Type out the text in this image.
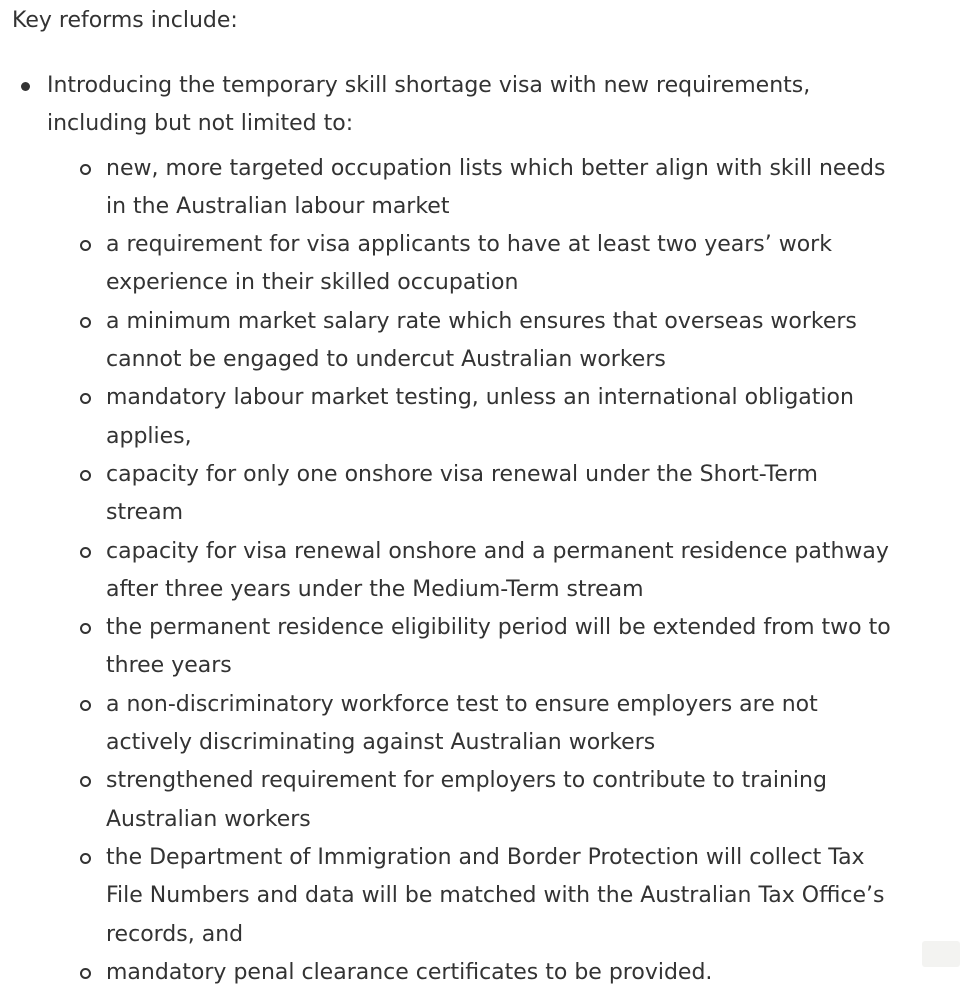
Key reforms include:

Introducing the temporary skill shortage visa with new requirements, including but not limited to:
new, more targeted occupation lists which better align with skill needs in the Australian labour market
a requirement for visa applicants to have at least two years’ work experience in their skilled occupation
a minimum market salary rate which ensures that overseas workers cannot be engaged to undercut Australian workers
mandatory labour market testing, unless an international obligation applies,
capacity for only one onshore visa renewal under the Short-Term stream
capacity for visa renewal onshore and a permanent residence pathway after three years under the Medium-Term stream
the permanent residence eligibility period will be extended from two to three years
a non-discriminatory workforce test to ensure employers are not actively discriminating against Australian workers
strengthened requirement for employers to contribute to training Australian workers
the Department of Immigration and Border Protection will collect Tax File Numbers and data will be matched with the Australian Tax Office’s records, and
mandatory penal clearance certificates to be provided.
